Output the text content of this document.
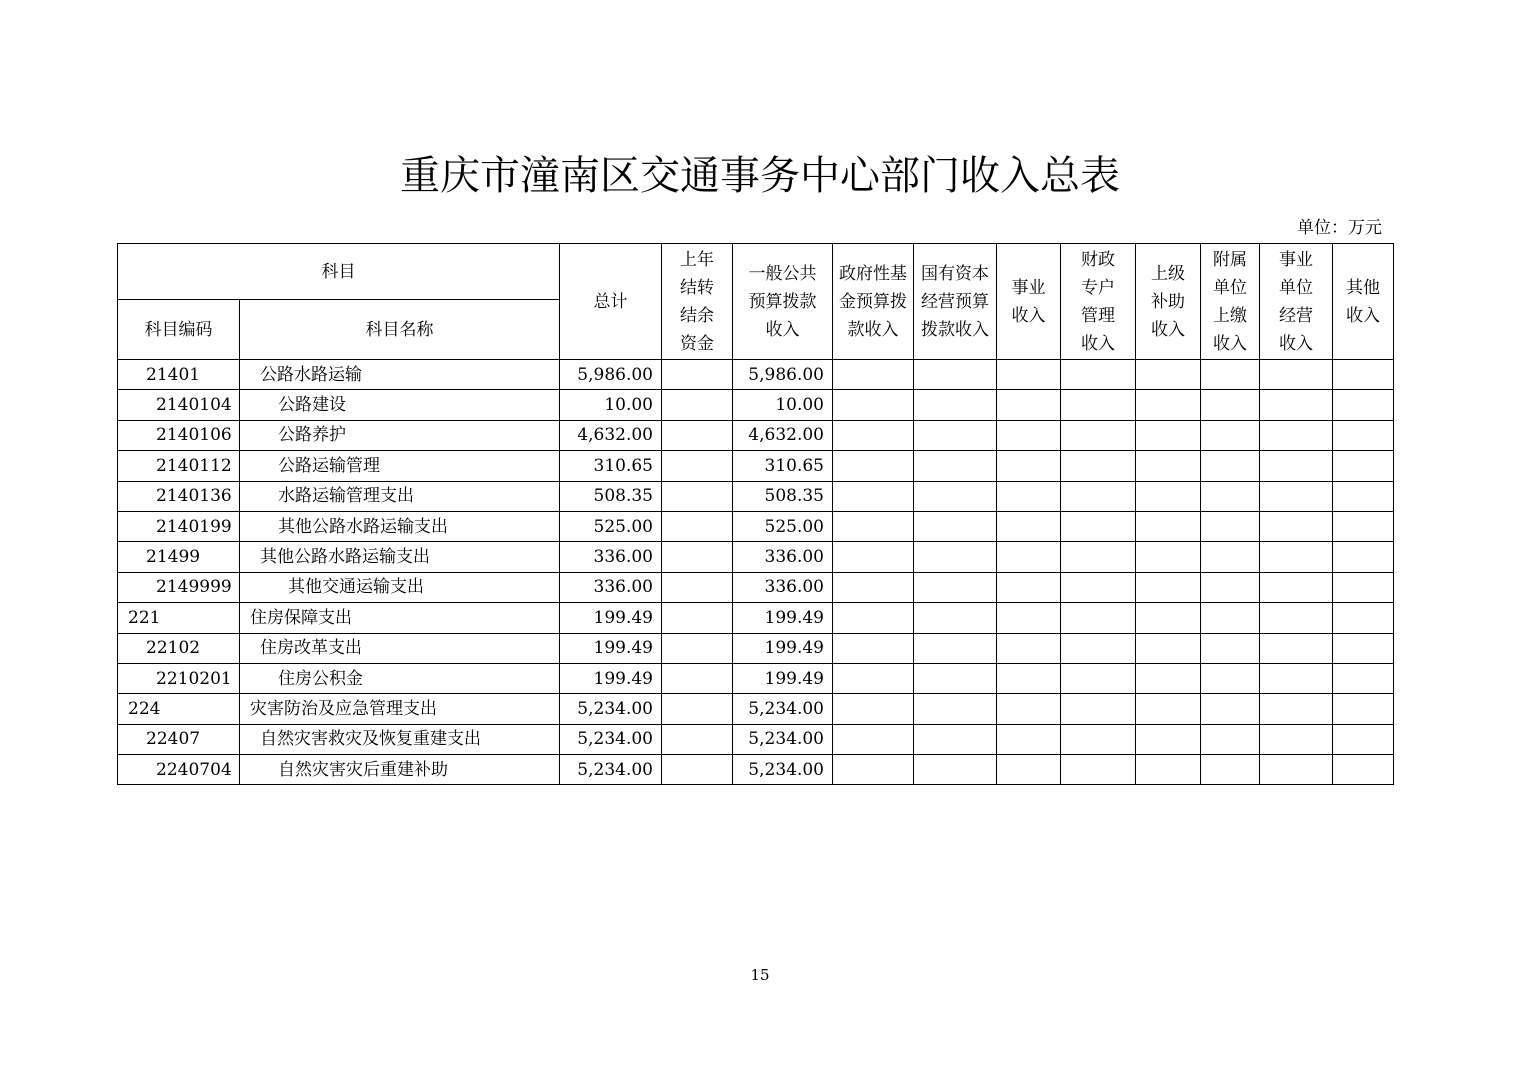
重庆市潼南区交通事务中心部门收入总表
单位：万元
科目		总计	上年结转结余资金	一般公共预算拨款收入	政府性基金预算拨款收入	国有资本经营预算拨款收入	事业收入	财政专户管理收入	上级补助收入	附属单位上缴收入	事业单位经营收入	其他收入

科目编码	科目名称											
21401	公路水路运输	5,986.00		5,986.00								
2140104	公路建设	10.00		10.00								
2140106	公路养护	4,632.00		4,632.00								
2140112	公路运输管理	310.65		310.65								
2140136	水路运输管理支出	508.35		508.35								
2140199	其他公路水路运输支出	525.00		525.00								
21499	其他公路水路运输支出	336.00		336.00								
2149999	其他交通运输支出	336.00		336.00								
221	住房保障支出	199.49		199.49								
22102	住房改革支出	199.49		199.49								
2210201	住房公积金	199.49		199.49								
224	灾害防治及应急管理支出	5,234.00		5,234.00								
22407	自然灾害救灾及恢复重建支出	5,234.00		5,234.00								
2240704	自然灾害灾后重建补助	5,234.00		5,234.00								
15
